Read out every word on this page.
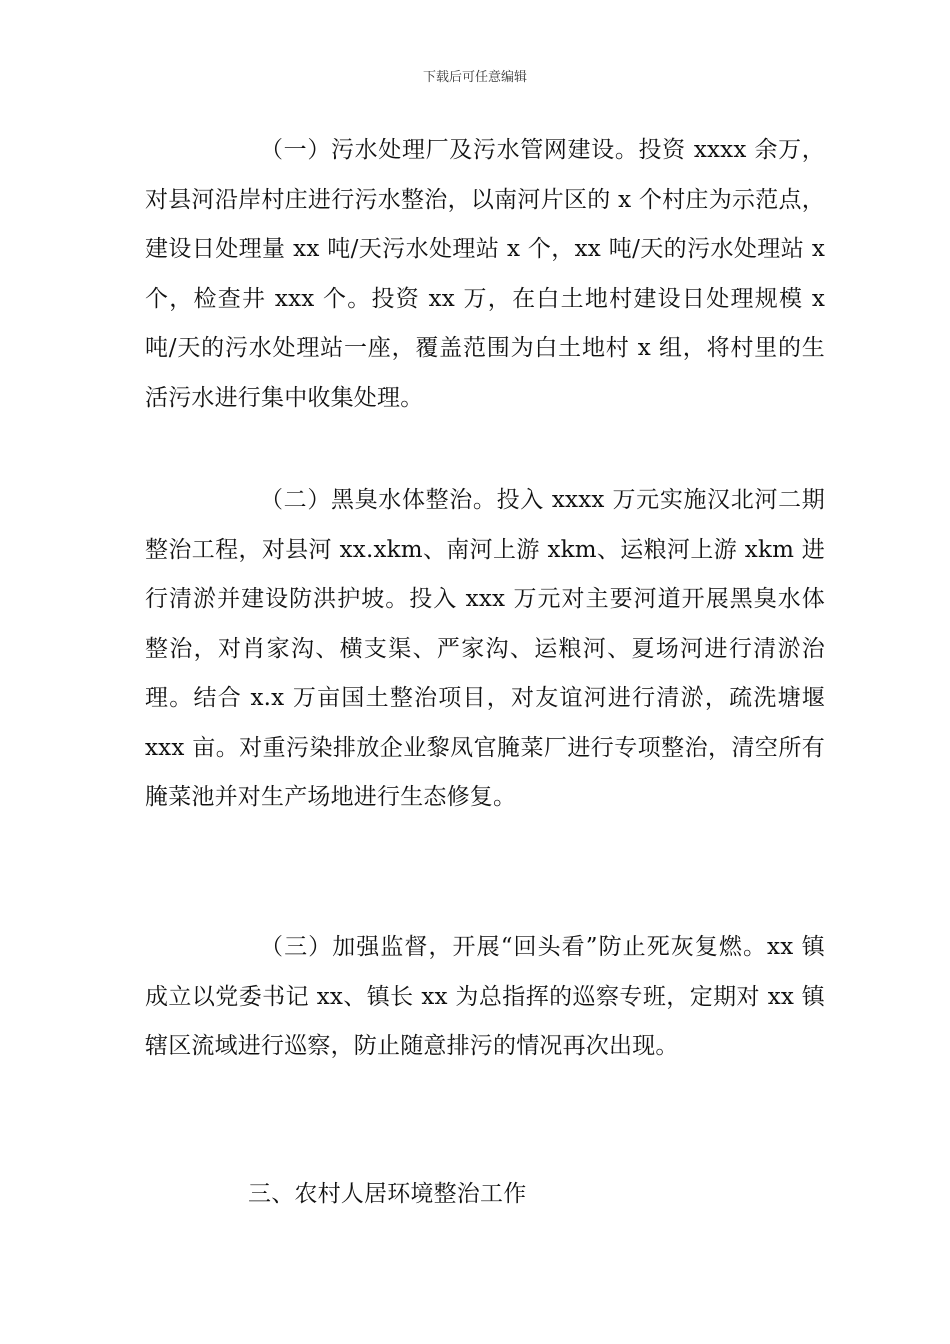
下载后可任意编辑

（一）污水处理厂及污水管网建设。投资 xxxx 余万，对县河沿岸村庄进行污水整治，以南河片区的 x 个村庄为示范点，建设日处理量 xx 吨/天污水处理站 x 个，xx 吨/天的污水处理站 x 个，检查井 xxx 个。投资 xx 万，在白土地村建设日处理规模 x 吨/天的污水处理站一座，覆盖范围为白土地村 x 组，将村里的生活污水进行集中收集处理。

（二）黑臭水体整治。投入 xxxx 万元实施汉北河二期整治工程，对县河 xx.xkm、南河上游 xkm、运粮河上游 xkm 进行清淤并建设防洪护坡。投入 xxx 万元对主要河道开展黑臭水体整治，对肖家沟、横支渠、严家沟、运粮河、夏场河进行清淤治理。结合 x.x 万亩国土整治项目，对友谊河进行清淤，疏洗塘堰 xxx 亩。对重污染排放企业黎凤官腌菜厂进行专项整治，清空所有腌菜池并对生产场地进行生态修复。

（三）加强监督，开展“回头看”防止死灰复燃。xx 镇成立以党委书记 xx、镇长 xx 为总指挥的巡察专班，定期对 xx 镇辖区流域进行巡察，防止随意排污的情况再次出现。

三、农村人居环境整治工作
